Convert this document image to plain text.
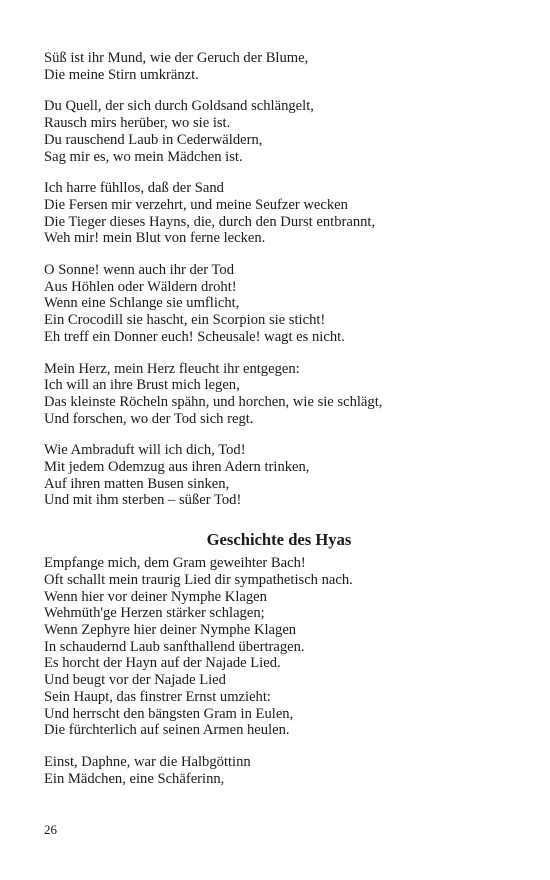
Süß ist ihr Mund, wie der Geruch der Blume,
Die meine Stirn umkränzt.
Du Quell, der sich durch Goldsand schlängelt,
Rausch mirs herüber, wo sie ist.
Du rauschend Laub in Cederwäldern,
Sag mir es, wo mein Mädchen ist.
Ich harre fühllos, daß der Sand
Die Fersen mir verzehrt, und meine Seufzer wecken
Die Tieger dieses Hayns, die, durch den Durst entbrannt,
Weh mir! mein Blut von ferne lecken.
O Sonne! wenn auch ihr der Tod
Aus Höhlen oder Wäldern droht!
Wenn eine Schlange sie umflicht,
Ein Crocodill sie hascht, ein Scorpion sie sticht!
Eh treff ein Donner euch! Scheusale! wagt es nicht.
Mein Herz, mein Herz fleucht ihr entgegen:
Ich will an ihre Brust mich legen,
Das kleinste Röcheln spähn, und horchen, wie sie schlägt,
Und forschen, wo der Tod sich regt.
Wie Ambraduft will ich dich, Tod!
Mit jedem Odemzug aus ihren Adern trinken,
Auf ihren matten Busen sinken,
Und mit ihm sterben – süßer Tod!
Geschichte des Hyas
Empfange mich, dem Gram geweihter Bach!
Oft schallt mein traurig Lied dir sympathetisch nach.
Wenn hier vor deiner Nymphe Klagen
Wehmüth'ge Herzen stärker schlagen;
Wenn Zephyre hier deiner Nymphe Klagen
In schaudernd Laub sanfthallend übertragen.
Es horcht der Hayn auf der Najade Lied.
Und beugt vor der Najade Lied
Sein Haupt, das finstrer Ernst umzieht:
Und herrscht den bängsten Gram in Eulen,
Die fürchterlich auf seinen Armen heulen.
Einst, Daphne, war die Halbgöttinn
Ein Mädchen, eine Schäferinn,
26
